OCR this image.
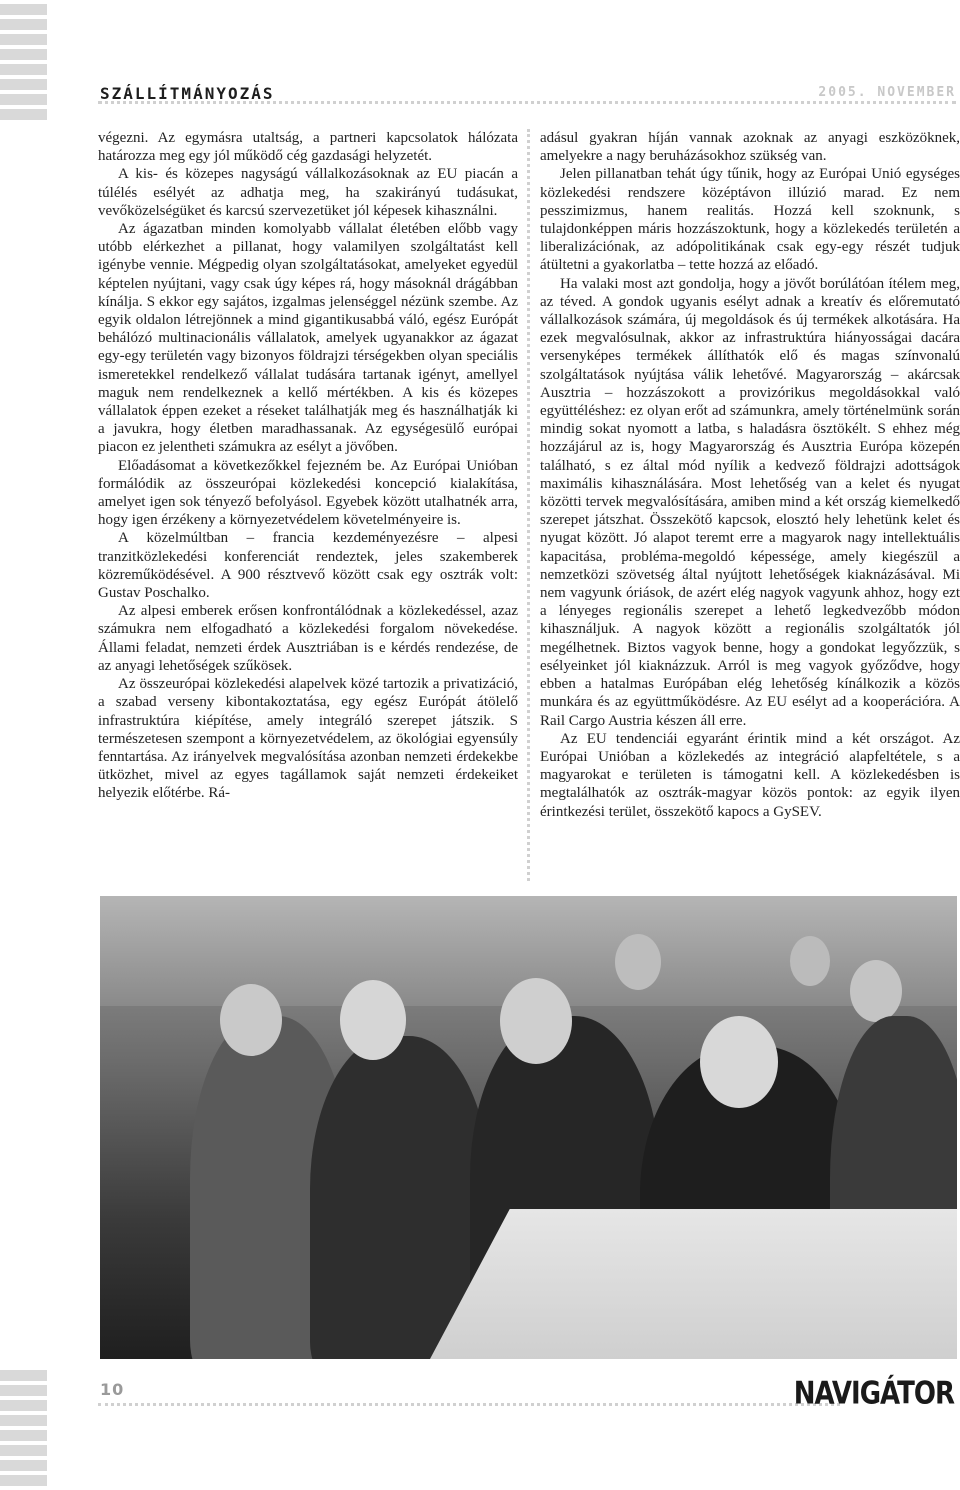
SZÁLLÍTMÁNYOZÁS	2005. NOVEMBER

végezni. Az egymásra utaltság, a partneri kapcsolatok hálózata határozza meg egy jól működő cég gazdasági helyzetét.

A kis- és közepes nagyságú vállalkozásoknak az EU piacán a túlélés esélyét az adhatja meg, ha szakirányú tudásukat, vevőközelségüket és karcsú szervezetüket jól képesek kihasználni.

Az ágazatban minden komolyabb vállalat életében előbb vagy utóbb elérkezhet a pillanat, hogy valamilyen szolgáltatást kell igénybe vennie. Mégpedig olyan szolgáltatásokat, amelyeket egyedül képtelen nyújtani, vagy csak úgy képes rá, hogy másoknál drágábban kínálja. S ekkor egy sajátos, izgalmas jelenséggel nézünk szembe. Az egyik oldalon létrejönnek a mind gigantikusabbá váló, egész Európát behálózó multinacionális vállalatok, amelyek ugyanakkor az ágazat egy-egy területén vagy bizonyos földrajzi térségekben olyan speciális ismeretekkel rendelkező vállalat tudására tartanak igényt, amellyel maguk nem rendelkeznek a kellő mértékben. A kis és közepes vállalatok éppen ezeket a réseket találhatják meg és használhatják ki a javukra, hogy életben maradhassanak. Az egységesülő európai piacon ez jelentheti számukra az esélyt a jövőben.

Előadásomat a következőkkel fejezném be. Az Európai Unióban formálódik az összeurópai közlekedési koncepció kialakítása, amelyet igen sok tényező befolyásol. Egyebek között utalhatnék arra, hogy igen érzékeny a környezetvédelem követelményeire is.

A közelmúltban – francia kezdeményezésre – alpesi tranzitközlekedési konferenciát rendeztek, jeles szakemberek közreműködésével. A 900 résztvevő között csak egy osztrák volt: Gustav Poschalko.

Az alpesi emberek erősen konfrontálódnak a közlekedéssel, azaz számukra nem elfogadható a közlekedési forgalom növekedése. Állami feladat, nemzeti érdek Ausztriában is e kérdés rendezése, de az anyagi lehetőségek szűkösek.

Az összeurópai közlekedési alapelvek közé tartozik a privatizáció, a szabad verseny kibontakoztatása, egy egész Európát átölelő infrastruktúra kiépítése, amely integráló szerepet játszik. S természetesen szempont a környezetvédelem, az ökológiai egyensúly fenntartása. Az irányelvek megvalósítása azonban nemzeti érdekekbe ütközhet, mivel az egyes tagállamok saját nemzeti érdekeiket helyezik előtérbe. Rá-

adásul gyakran híján vannak azoknak az anyagi eszközöknek, amelyekre a nagy beruházásokhoz szükség van.

Jelen pillanatban tehát úgy tűnik, hogy az Európai Unió egységes közlekedési rendszere középtávon illúzió marad. Ez nem pesszimizmus, hanem realitás. Hozzá kell szoknunk, s tulajdonképpen máris hozzászoktunk, hogy a közlekedés területén a liberalizációnak, az adópolitikának csak egy-egy részét tudjuk átültetni a gyakorlatba – tette hozzá az előadó.

Ha valaki most azt gondolja, hogy a jövőt borúlátóan ítélem meg, az téved. A gondok ugyanis esélyt adnak a kreatív és előremutató vállalkozások számára, új megoldások és új termékek alkotására. Ha ezek megvalósulnak, akkor az infrastruktúra hiányosságai dacára versenyképes termékek állíthatók elő és magas színvonalú szolgáltatások nyújtása válik lehetővé. Magyarország – akárcsak Ausztria – hozzászokott a provizórikus megoldásokkal való együttéléshez: ez olyan erőt ad számunkra, amely történelmünk során mindig sokat nyomott a latba, s haladásra ösztökélt. S ehhez még hozzájárul az is, hogy Magyarország és Ausztria Európa közepén található, s ez által mód nyílik a kedvező földrajzi adottságok maximális kihasználására. Most lehetőség van a kelet és nyugat közötti tervek megvalósítására, amiben mind a két ország kiemelkedő szerepet játszhat. Összekötő kapcsok, elosztó hely lehetünk kelet és nyugat között. Jó alapot teremt erre a magyarok nagy intellektuális kapacitása, probléma-megoldó képessége, amely kiegészül a nemzetközi szövetség által nyújtott lehetőségek kiaknázásával. Mi nem vagyunk óriások, de azért elég nagyok vagyunk ahhoz, hogy ezt a lényeges regionális szerepet a lehető legkedvezőbb módon kihasználjuk. A nagyok között a regionális szolgáltatók jól megélhetnek. Biztos vagyok benne, hogy a gondokat legyőzzük, s esélyeinket jól kiaknázzuk. Arról is meg vagyok győződve, hogy ebben a hatalmas Európában elég lehetőség kínálkozik a közös munkára és az együttműködésre. Az EU esélyt ad a kooperációra. A Rail Cargo Austria készen áll erre.

Az EU tendenciái egyaránt érintik mind a két országot. Az Európai Unióban a közlekedés az integráció alapfeltétele, s a magyarokat e területen is támogatni kell. A közlekedésben is megtalálhatók az osztrák-magyar közös pontok: az egyik ilyen érintkezési terület, összekötő kapocs a GySEV.

10	NAVIGÁTOR
